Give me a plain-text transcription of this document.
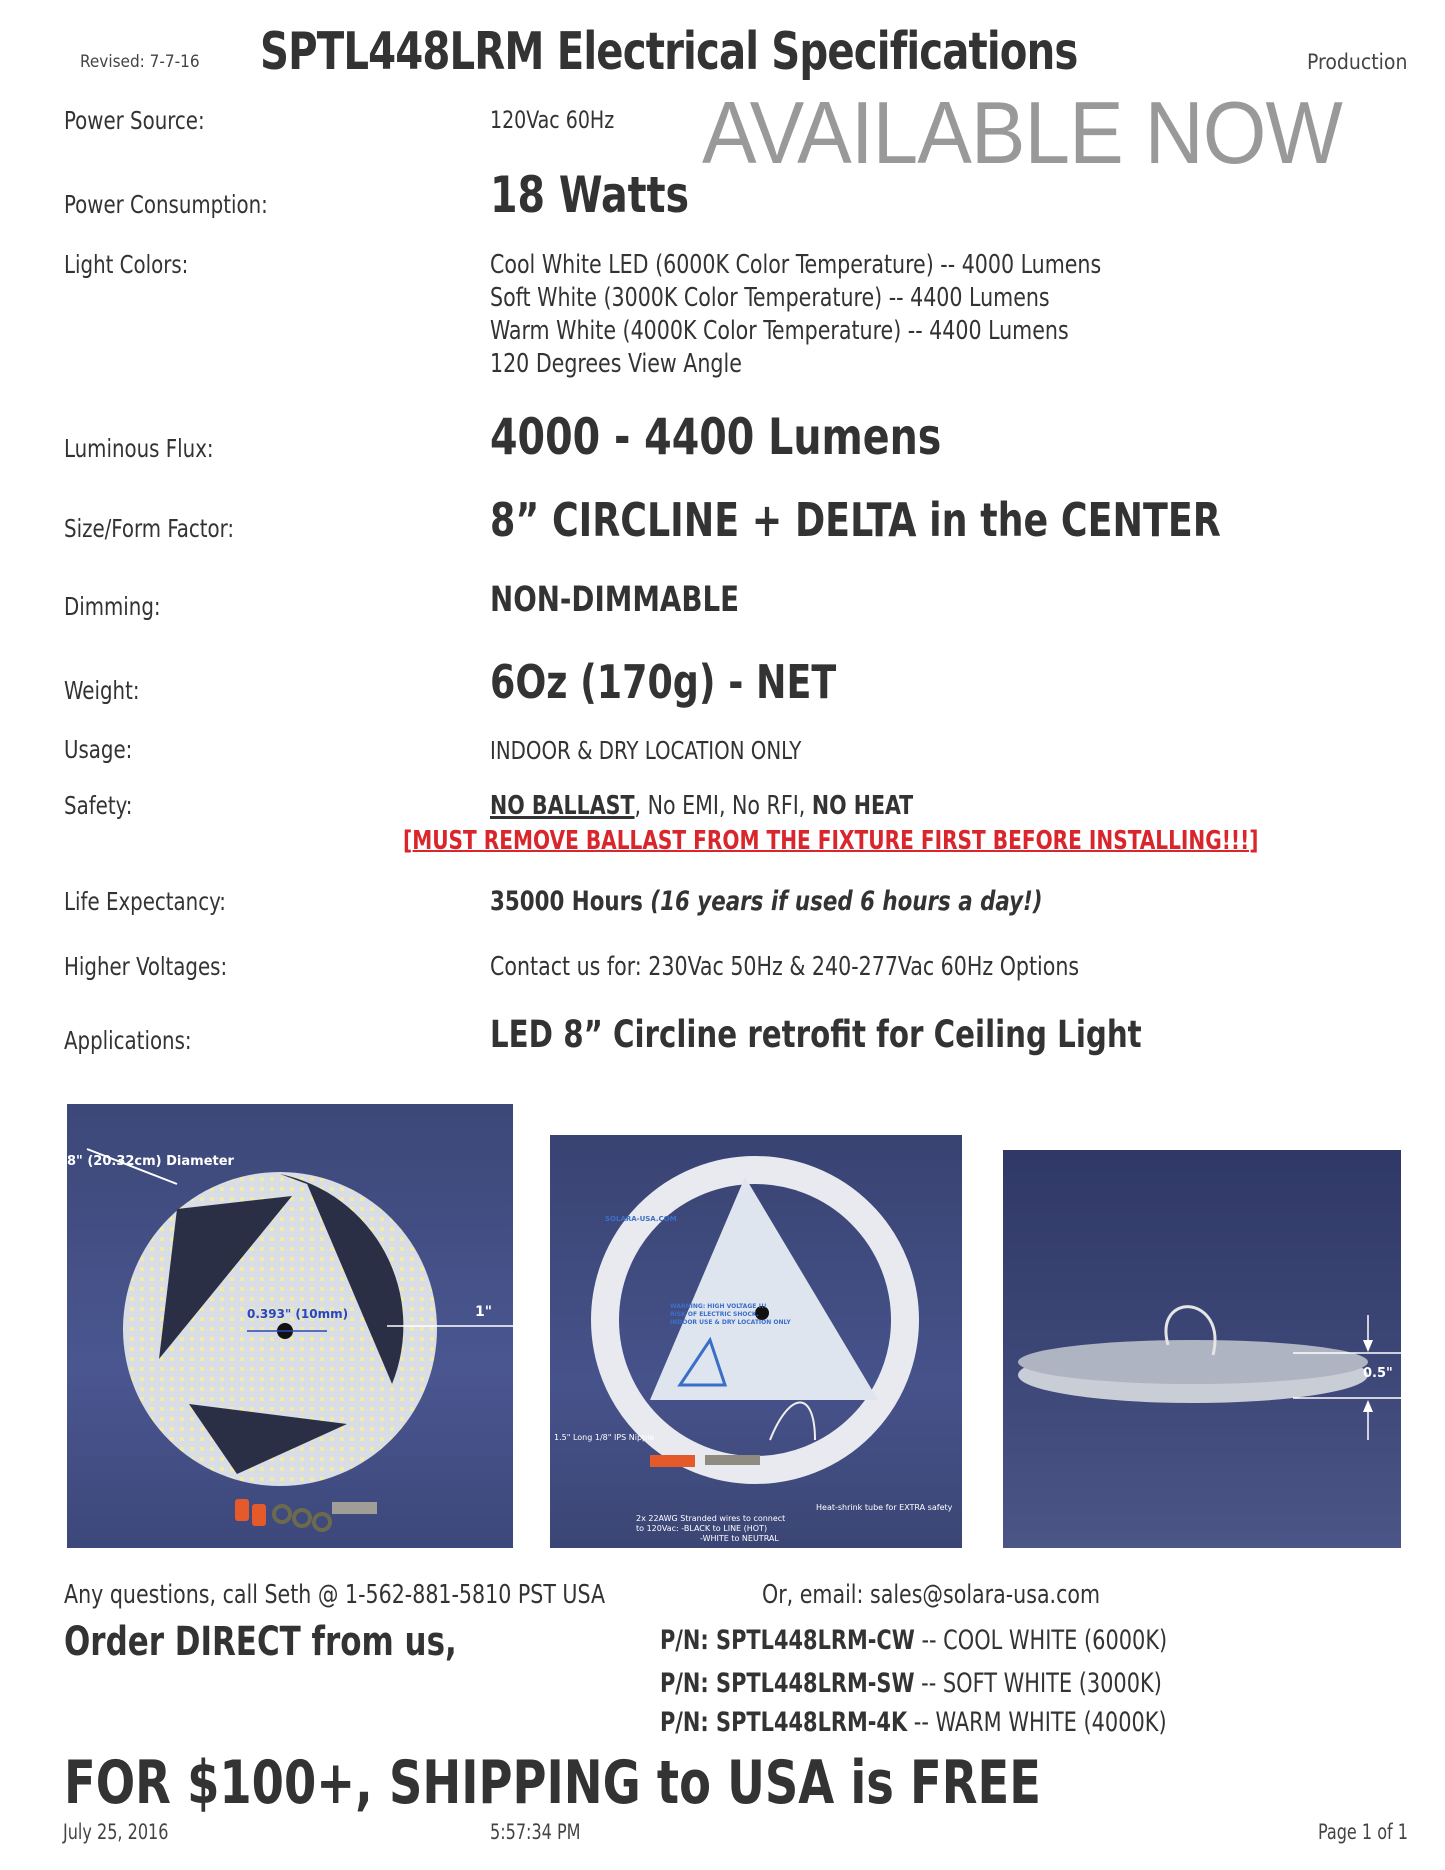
Revised: 7-7-16 SPTL448LRM Electrical Specifications	Production
AVAILABLE NOW
Power Source:	120Vac 60Hz
Power Consumption:	18 Watts
Light Colors:	Cool White LED (6000K Color Temperature) -- 4000 Lumens
Soft White (3000K Color Temperature) -- 4400 Lumens
Warm White (4000K Color Temperature) -- 4400 Lumens
120 Degrees View Angle
Luminous Flux:	4000 - 4400 Lumens
Size/Form Factor:	8” CIRCLINE + DELTA in the CENTER
Dimming:	NON-DIMMABLE
Weight:	6Oz (170g) - NET
Usage:	INDOOR & DRY LOCATION ONLY
Safety:	NO BALLAST, No EMI, No RFI, NO HEAT
[MUST REMOVE BALLAST FROM THE FIXTURE FIRST BEFORE INSTALLING!!!]
Life Expectancy:	35000 Hours (16 years if used 6 hours a day!)
Higher Voltages:	Contact us for: 230Vac 50Hz & 240-277Vac 60Hz Options
Applications:	LED 8” Circline retrofit for Ceiling Light
8" (20.32cm) Diameter
0.393" (10mm)	1"
SOLARA-USA.COM
WARNING: HIGH VOLTAGE !!!
RISK OF ELECTRIC SHOCK.
INDOOR USE & DRY LOCATION ONLY
1.5" Long 1/8" IPS Nipple
Heat-shrink tube for EXTRA safety
2x 22AWG Stranded wires to connect
to 120Vac: -BLACK to LINE (HOT)
-WHITE to NEUTRAL
0.5"
Any questions, call Seth @ 1-562-881-5810 PST USA	Or, email: sales@solara-usa.com
Order DIRECT from us,	P/N: SPTL448LRM-CW -- COOL WHITE (6000K)
P/N: SPTL448LRM-SW -- SOFT WHITE (3000K)
P/N: SPTL448LRM-4K -- WARM WHITE (4000K)
FOR $100+, SHIPPING to USA is FREE
July 25, 2016	5:57:34 PM	Page 1 of 1
